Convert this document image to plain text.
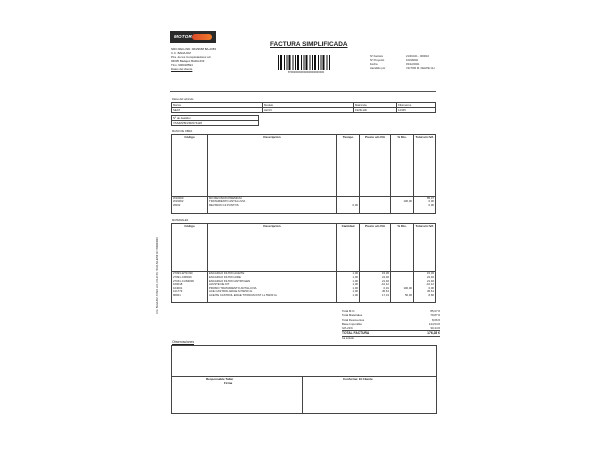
MOTOR
FACTURA SIMPLIFICADA
8700000000000000000000000
NRO.REG.IND.:06/29668 BA-2083
C.C. BADAJOZ
Pza. de los Conquistadores s/n
06005 Badajoz BADAJOZ
Tlno: 900018594
Datos del cliente
Nº Factura	21/0C101 - 000010
Nº Proyecto	10016002
Fecha	03/12/2021
Atendido por	VICTOR M. FELIPE CH
Datos del vehículo
Marca	Modelo	Matrícula	Kilómetros
SEAT	LEON	1923LHD	12345
Nº de bastidor
VSSZZZ5FZKR074428
MANO DE OBRA
Código	Descripción	Tiempo	Precio u/n IVA	% Dto.	Total u/n IVA
W16000	MO REVISION PREMIUM				85,07
W16002	TRATAMIENTO ANTILLUVIA			100,00	0,00
W002	REVISION 13 PUNTOS	0,00			0,00

MATERIALES
Código	Descripción	Cantidad	Precio u/n IVA	% Dto.	Total u/n IVA
27093-W71C90	ENCARGO FILTRO ACEITE	1,00	15,30		15,30
27091-C08040	ENCARGO FILTRO AIRE	1,00	24,40		24,40
27151-CUS6006	ENCARGO FILTRO ANTIPOLEN	1,00	21,92		21,92
100018	AJUSTE DE KIT	1,00	-10,12		-10,12
104001	PROMO TRATAMIENTO ANTILLUVIA	1,00	0,01	100,00	0,00
121773	ACE CASTROL EDGE M 5W30 4L	1,00	45,61		45,61
80841	ACEITE CASTROL EDGE TITANIUM FST LL 5W30 1L	1,00	17,31	50,00	8,66

Total M.O.	85,07 €
Total Materiales	79,87 €
Total Descuentos	8,66 €
Base Imponible	144,54 €
IVA 21%	30,44 €
TOTAL FACTURA	176,28 €
Iva incluido
Observaciones
Responsable Taller
Firma
Conforme: El Cliente
R.M. BADAJOZ, TOMO 123, FOLIO 45, HOJA BA-6789 CIF B06000000
